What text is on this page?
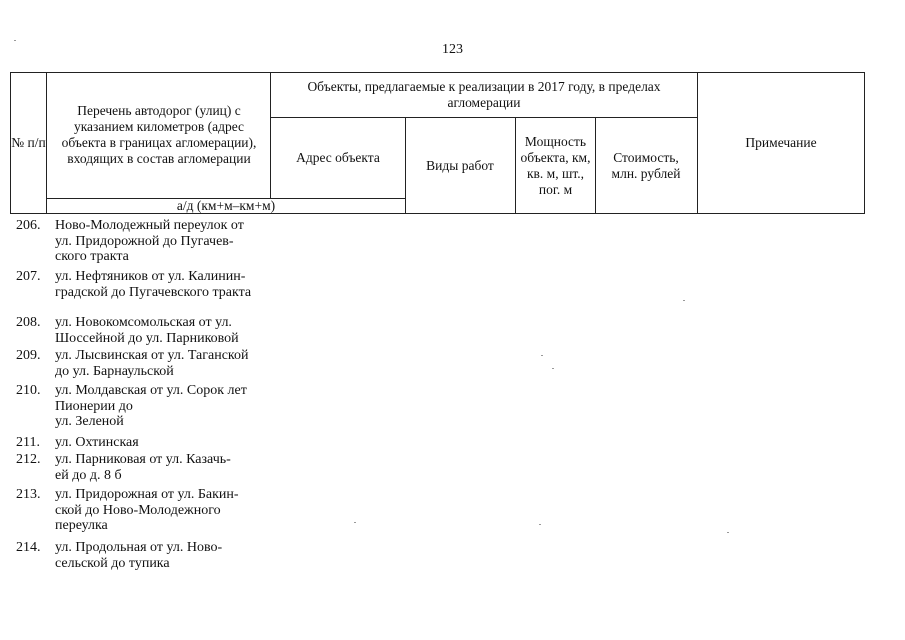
123
№ п/п
Перечень автодорог (улиц) с указанием километров (адрес объекта в границах агломерации), входящих в состав агломерации
а/д (км+м–км+м)
Объекты, предлагаемые к реализации в 2017 году, в пределах агломерации
Адрес объекта	Виды работ
Мощность объекта, км, кв. м, шт., пог. м
Стоимость, млн. рублей
Примечание
206.	Ново-Молодежный переулок от
ул. Придорожной до Пугачев-
ского тракта
207.	ул. Нефтяников от ул. Калинин-
градской до Пугачевского тракта
208.	ул. Новокомсомольская от ул.
Шоссейной до ул. Парниковой
209.	ул. Лысвинская от ул. Таганской
до ул. Барнаульской
210.	ул. Молдавская от ул. Сорок лет
Пионерии до
ул. Зеленой
211.	ул. Охтинская
212.	ул. Парниковая от ул. Казачь-
ей до д. 8 б
213.	ул. Придорожная от ул. Бакин-
ской до Ново-Молодежного
переулка
214.	ул. Продольная от ул. Ново-
сельской до тупика
